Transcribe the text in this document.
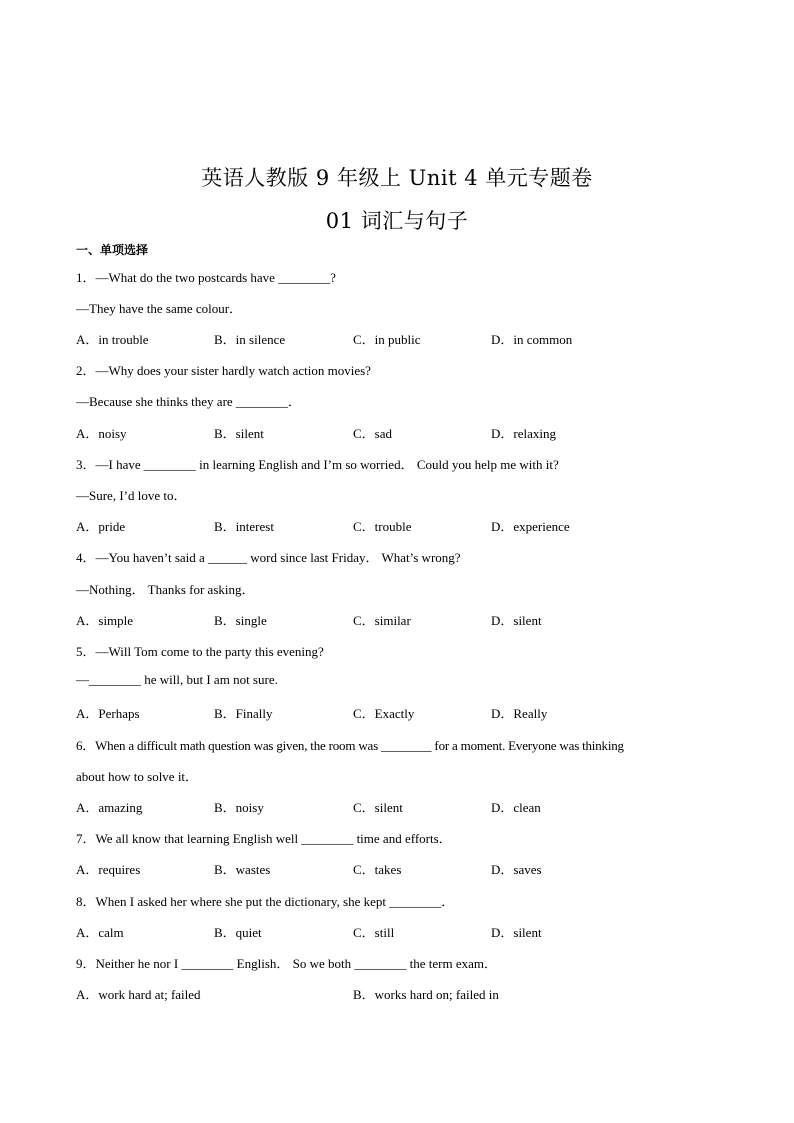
英语人教版 9 年级上 Unit 4 单元专题卷
01 词汇与句子
一、单项选择
1．—What do the two postcards have ________?
—They have the same colour．
A．in trouble	B．in silence	C．in public	D．in common
2．—Why does your sister hardly watch action movies?
—Because she thinks they are ________．
A．noisy	B．silent	C．sad	D．relaxing
3．—I have ________ in learning English and I’m so worried． Could you help me with it?
—Sure, I’d love to．
A．pride	B．interest	C．trouble	D．experience
4．—You haven’t said a ______ word since last Friday． What’s wrong?
—Nothing． Thanks for asking．
A．simple	B．single	C．similar	D．silent
5．—Will Tom come to the party this evening?
—________ he will, but I am not sure.
A．Perhaps	B．Finally	C．Exactly	D．Really
6．When a difficult math question was given, the room was ________ for a moment. Everyone was thinking
about how to solve it．
A．amazing	B．noisy	C．silent	D．clean
7．We all know that learning English well ________ time and efforts．
A．requires	B．wastes	C．takes	D．saves
8．When I asked her where she put the dictionary, she kept ________．
A．calm	B．quiet	C．still	D．silent
9．Neither he nor I ________ English． So we both ________ the term exam．
A．work hard at; failed	B．works hard on; failed in
